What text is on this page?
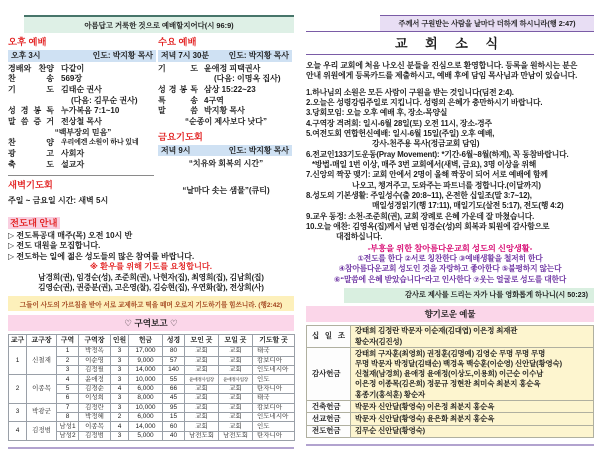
아름답고 거룩한 것으로 예배할지어다(시 96:9)
오후 예배
오후 3시	인도: 박지황 목사
경배와 찬양 다같이
찬 송 569장
기 도 김태순 권사
(다음: 김무순 권사)
성 경 봉 독 누가복음 7:1~10
말 씀 증 거 전상철 목사
“백부장의 믿음”
찬 양 우리에겐 소원이 하나 있네
광 고 사회자
축 도 설교자
새벽기도회
주일 ~ 금요일 시간: 새벽 5시
수요 예배
저녁 7시 30분 인도: 박지황 목사
기 도 윤애정 피택권사
(다음: 이명옥 집사)
성 경 봉 독 삼상 15:22~23
특 송 4구역
말 씀 박지황 목사
“순종이 제사보다 낫다”
금요기도회
저녁 9시	인도: 박지황 목사
“치유와 회복의 시간”
“날마다 솟는 샘물”(큐티)
전도대 안내
▷ 전도특공대 매주(목) 오전 10시 반
▷ 전도 대원을 모집합니다.
▷ 전도하는 일에 젊은 성도들의 많은 참여를 바랍니다.
※ 환우를 위해 기도를 요청합니다.
남경희(권), 임경순(성), 조준희(권), 나현자(집), 최영희(집), 김남희(집)
김영순(권), 권중분(권), 고은영(찰), 김승현(집), 우연화(찰), 전상희(사)
그들이 사도의 가르침을 받아 서로 교제하고 떡을 떼며 오로지 기도하기를 힘쓰니라. (행2:42)
♡ 구역보고 ♡
교구	교구장	구역	구역장	인원	헌금	성경	모인 곳	모일 곳	기도할 곳
1	신철재	1	박정옥	3	17,000	80	교회	교회	태국
		2	이순영	3	9,000	57	교회	교회	캄보디아
		3	김정필	3	14,000	140	교회	교회	인도네시아
2	이종목	4	윤애정	3	10,000	55	윤애정사업장	윤애정사업장	인도
		5	김경순	4	6,000	66	교회	교회	탄자니아
		6	이성희	3	8,000	45	교회	교회	태국
3	박광군	7	김정란	3	10,000	95	교회	교회	캄보디아
		8	박정혜	2	6,000	15	교회	교회	인도네시아
4	김정범	남성1	이종목	4	14,000	60	교회	교회	인도
		남성2	김정범	3	5,000	40	남전도회	남전도회	탄자니아
주께서 구원받는 사람을 날마다 더하게 하시니라(행 2:47)
교 회 소 식
오늘 우리 교회에 처음 나오신 분들을 진심으로 환영합니다. 등록을 원하시는 분은
안내 위원에게 등록카드를 제출하시고, 예배 후에 담임 목사님과 만남이 있습니다.
1.하나님의 소원은 모든 사람이 구원을 받는 것입니다(딤전 2:4).
2.오늘은 성령강림주일로 지킵니다. 성령의 은혜가 충만하시기 바랍니다.
3.당회모임: 오늘 오후 예배 후, 장소-목양실
4.구역장 격려회: 일시-6월 28일(토) 오전 11시, 장소-경주
5.여전도회 연합헌신예배: 일시-6월 15일(주일) 오후 예배,
강사-천주용 목사(정금교회 담임)
6.전교인133기도운동(Pray Movement): *기간-6월~8월(하계), 꼭 동참바랍니다.
*방법-매일 1번 이상, 매주 3번 교회에서(새벽, 금요), 3명 이상을 위해
7.신앙의 짝꿍 맺기: 교회 안에서 2명이 올해 짝꿍이 되어 서로 예배에 함께
나오고, 챙겨주고, 도와주는 파트너를 정합니다.(이달까지)
8.성도의 기본생활: 주일성수(출 20:8~11), 온전한 십일조(말 3:7~12),
매일성경읽기(행 17:11), 매일기도(살전 5:17), 전도(행 4:2)
9.교우 동정: 소천-조준희(권), 교회 장례로 은혜 가운데 잘 마쳤습니다.
10.오늘 애찬: 김영옥(집)께서 남편 임경순(성)의 회복과 퇴원에 감사함으로
대접하십니다.
-부흥을 위한 참아름다운교회 성도의 신앙생활-
①전도를 한다 ②서로 칭찬한다 ③예배생활을 철저히 한다
④참아름다운교회 성도인 것을 자랑하고 좋아한다 ⑤불평하지 않는다
⑥“말씀에 은혜 받았습니다”라고 인사한다 ⑦웃는 얼굴로 성도를 대한다
감사로 제사를 드리는 자가 나를 영화롭게 하나니(시 50:23)
향기로운 예물
십 일 조	강태희 김정란 박문자 이순재(김대엽) 이은정 최재관
황순자(김진성)

감사헌금	강태희 구자훈(최영희) 권정훈(김명예) 김영순 무명 무명 무명
무명 박문자 박정달(김태순) 백경옥 백승훈(이순영) 신안달(황영숙)
신철재(남경희) 윤애정 윤애정(이상도,이용희) 이근순 이수남
이은정 이종목(김은희) 정문규 정현찬 최미숙 최분지 홍순옥
홍종기(홍석훈) 황순자

건축헌금	박문자 신안달(황영숙) 이은정 최분지 홍순옥

선교헌금	박문자 신안달(황영숙) 윤은화 최분지 홍순옥

전도헌금	김무순 신안달(황영숙)
